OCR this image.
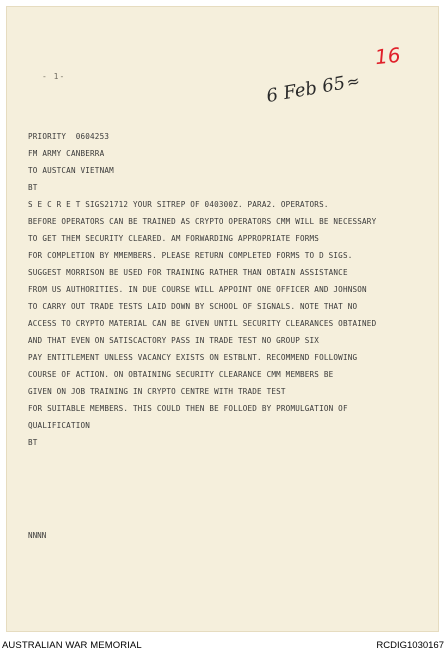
- 1-
16
6 Feb 65≈
PRIORITY  0604253
FM ARMY CANBERRA
TO AUSTCAN VIETNAM
BT
S E C R E T SIGS21712 YOUR SITREP OF 040300Z. PARA2. OPERATORS.
BEFORE OPERATORS CAN BE TRAINED AS CRYPTO OPERATORS CMM WILL BE NECESSARY
TO GET THEM SECURITY CLEARED. AM FORWARDING APPROPRIATE FORMS
FOR COMPLETION BY MMEMBERS. PLEASE RETURN COMPLETED FORMS TO D SIGS.
SUGGEST MORRISON BE USED FOR TRAINING RATHER THAN OBTAIN ASSISTANCE
FROM US AUTHORITIES. IN DUE COURSE WILL APPOINT ONE OFFICER AND JOHNSON
TO CARRY OUT TRADE TESTS LAID DOWN BY SCHOOL OF SIGNALS. NOTE THAT NO
ACCESS TO CRYPTO MATERIAL CAN BE GIVEN UNTIL SECURITY CLEARANCES OBTAINED
AND THAT EVEN ON SATISCACTORY PASS IN TRADE TEST NO GROUP SIX
PAY ENTITLEMENT UNLESS VACANCY EXISTS ON ESTBLNT. RECOMMEND FOLLOWING
COURSE OF ACTION. ON OBTAINING SECURITY CLEARANCE CMM MEMBERS BE
GIVEN ON JOB TRAINING IN CRYPTO CENTRE WITH TRADE TEST
FOR SUITABLE MEMBERS. THIS COULD THEN BE FOLLOED BY PROMULGATION OF
QUALIFICATION
BT
NNNN
AUSTRALIAN WAR MEMORIAL	RCDIG1030167
